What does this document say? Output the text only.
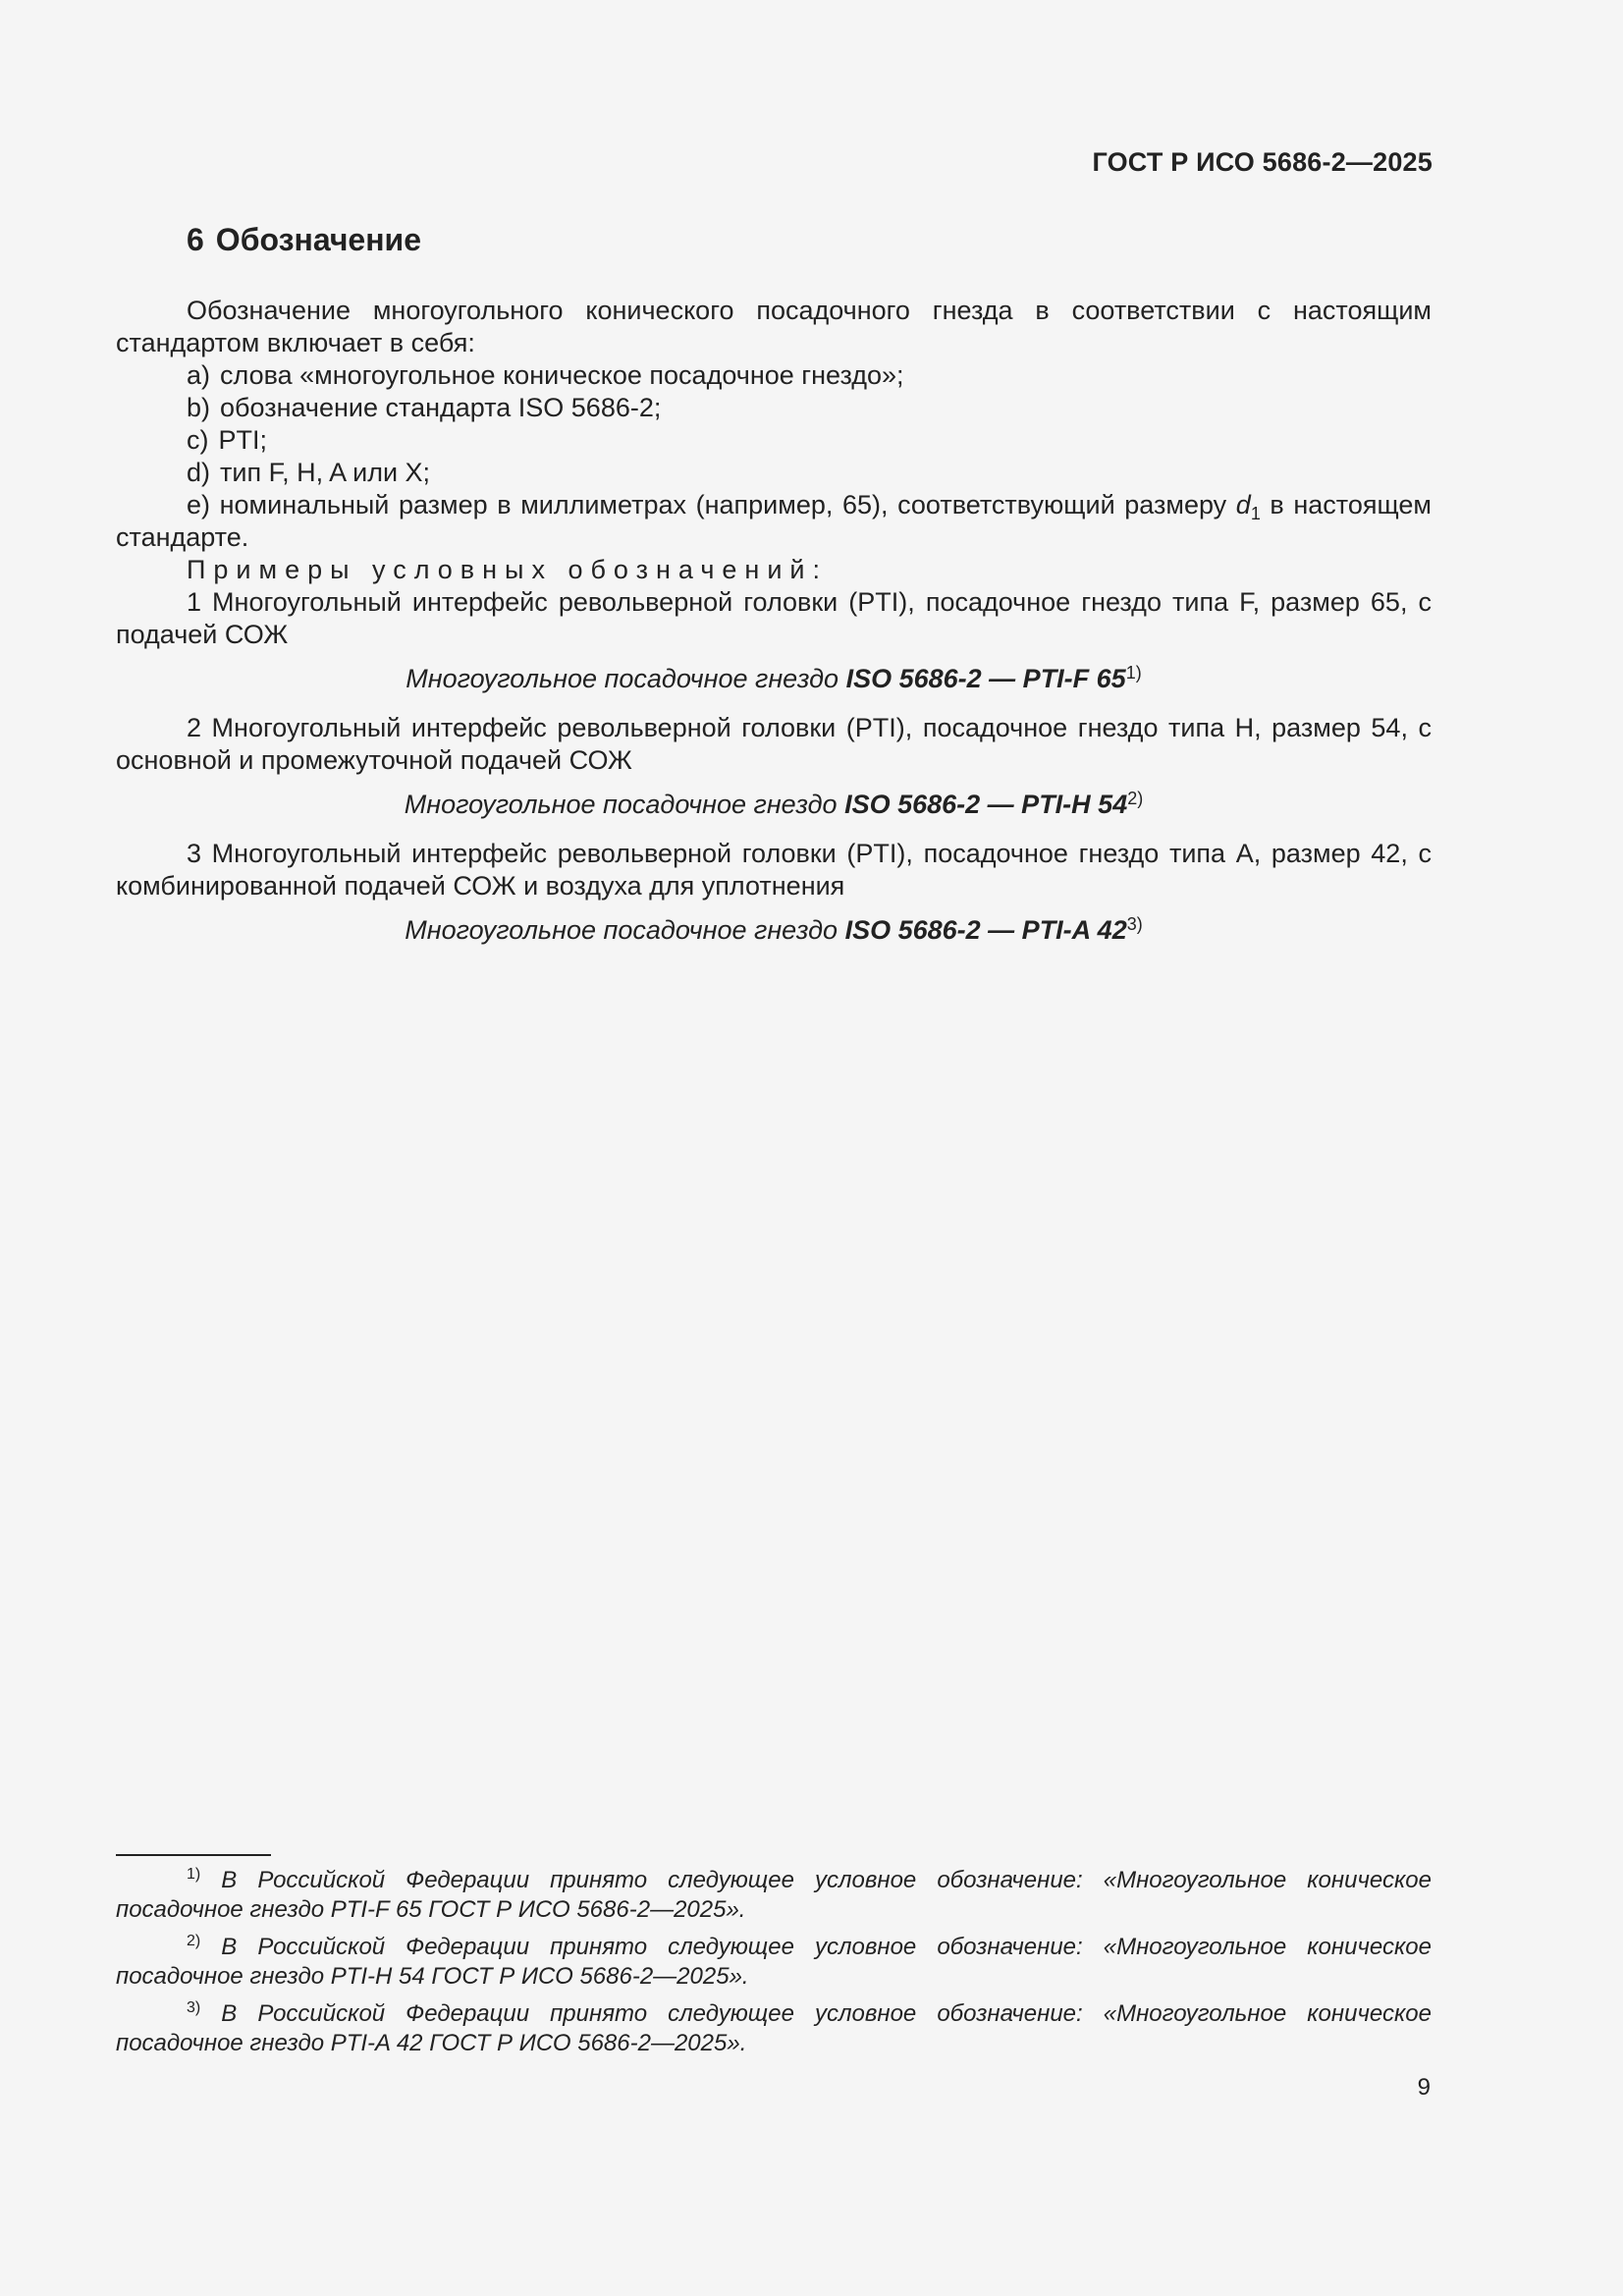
ГОСТ Р ИСО 5686-2—2025
6 Обозначение

Обозначение многоугольного конического посадочного гнезда в соответствии с настоящим стандартом включает в себя:

a) слова «многоугольное коническое посадочное гнездо»;

b) обозначение стандарта ISO 5686-2;

c) PTI;

d) тип F, H, A или X;

e) номинальный размер в миллиметрах (например, 65), соответствующий размеру $d_1$ в настоящем стандарте.

Примеры условных обозначений:

1 Многоугольный интерфейс револьверной головки (PTI), посадочное гнездо типа F, размер 65, с подачей СОЖ

Многоугольное посадочное гнездо ISO 5686-2 — PTI-F 65$^{1)}$

2 Многоугольный интерфейс револьверной головки (PTI), посадочное гнездо типа H, размер 54, с основной и промежуточной подачей СОЖ

Многоугольное посадочное гнездо ISO 5686-2 — PTI-H 54$^{2)}$

3 Многоугольный интерфейс револьверной головки (PTI), посадочное гнездо типа A, размер 42, с комбинированной подачей СОЖ и воздуха для уплотнения

Многоугольное посадочное гнездо ISO 5686-2 — PTI-A 42$^{3)}$

$^{1)}$ В Российской Федерации принято следующее условное обозначение: «Многоугольное коническое посадочное гнездо PTI-F 65 ГОСТ Р ИСО 5686-2—2025».

$^{2)}$ В Российской Федерации принято следующее условное обозначение: «Многоугольное коническое посадочное гнездо PTI-H 54 ГОСТ Р ИСО 5686-2—2025».

$^{3)}$ В Российской Федерации принято следующее условное обозначение: «Многоугольное коническое посадочное гнездо PTI-A 42 ГОСТ Р ИСО 5686-2—2025».

9
